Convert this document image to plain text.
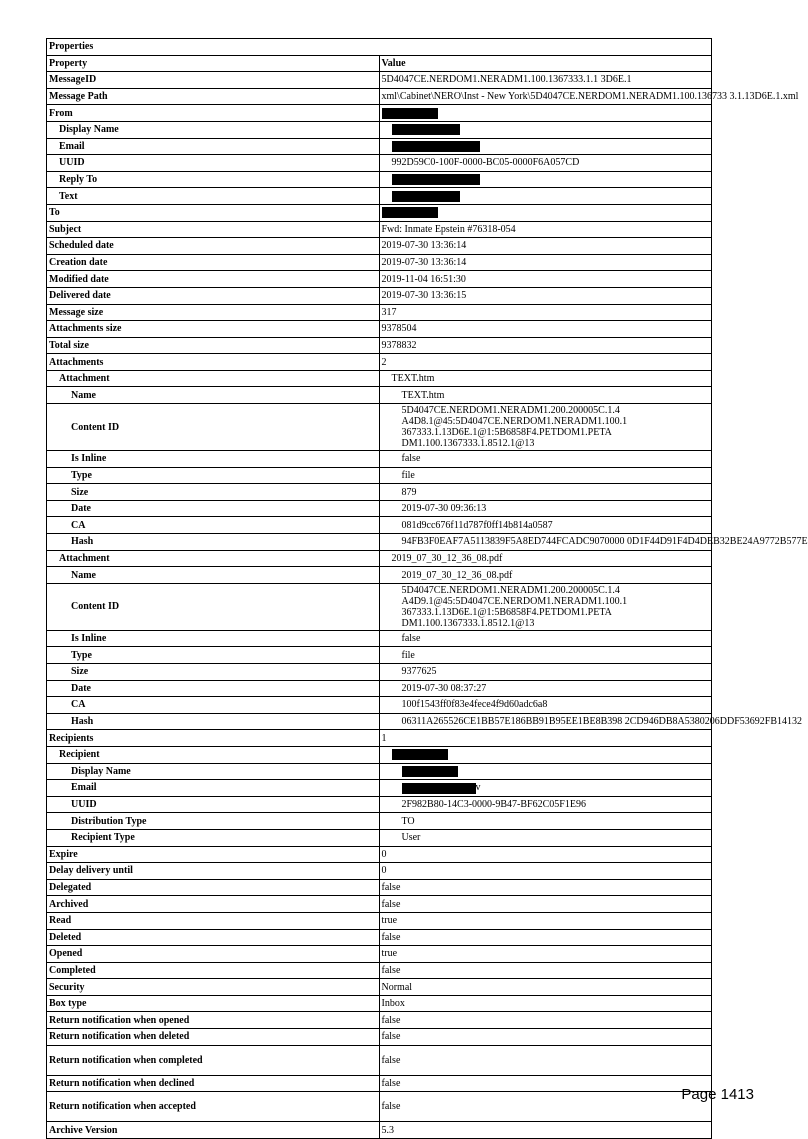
Properties	
Property	Value
MessageID	5D4047CE.NERDOM1.NERADM1.100.1367333.1.1 3D6E.1
Message Path	xml\Cabinet\NERO\Inst - New York\5D4047CE.NERDOM1.NERADM1.100.136733 3.1.13D6E.1.xml
From	
Display Name	
Email	
UUID	992D59C0-100F-0000-BC05-0000F6A057CD
Reply To	
Text	
To	
Subject	Fwd: Inmate Epstein #76318-054
Scheduled date	2019-07-30 13:36:14
Creation date	2019-07-30 13:36:14
Modified date	2019-11-04 16:51:30
Delivered date	2019-07-30 13:36:15
Message size	317
Attachments size	9378504
Total size	9378832
Attachments	2
Attachment	TEXT.htm
Name	TEXT.htm
Content ID	5D4047CE.NERDOM1.NERADM1.200.200005C.1.4
A4D8.1@45:5D4047CE.NERDOM1.NERADM1.100.1
367333.1.13D6E.1@1:5B6858F4.PETDOM1.PETA DM1.100.1367333.1.8512.1@13

Is Inline	false
Type	file
Size	879
Date	2019-07-30 09:36:13
CA	081d9cc676f11d787f0ff14b814a0587
Hash	94FB3F0EAF7A5113839F5A8ED744FCADC9070000 0D1F44D91F4D4DEB32BE24A9772B577E
Attachment	2019_07_30_12_36_08.pdf
Name	2019_07_30_12_36_08.pdf
Content ID	5D4047CE.NERDOM1.NERADM1.200.200005C.1.4
A4D9.1@45:5D4047CE.NERDOM1.NERADM1.100.1
367333.1.13D6E.1@1:5B6858F4.PETDOM1.PETA DM1.100.1367333.1.8512.1@13

Is Inline	false
Type	file
Size	9377625
Date	2019-07-30 08:37:27
CA	100f1543ff0f83e4fece4f9d60adc6a8
Hash	06311A265526CE1BB57E186BB91B95EE1BE8B398 2CD946DB8A5380206DDF53692FB14132
Recipients	1
Recipient	
Display Name	
Email	v
UUID	2F982B80-14C3-0000-9B47-BF62C05F1E96
Distribution Type	TO
Recipient Type	User
Expire	0
Delay delivery until	0
Delegated	false
Archived	false
Read	true
Deleted	false
Opened	true
Completed	false
Security	Normal
Box type	Inbox
Return notification when opened	false
Return notification when deleted	false
Return notification when completed	false
Return notification when declined	false
Return notification when accepted	false
Archive Version	5.3
Page 1413
